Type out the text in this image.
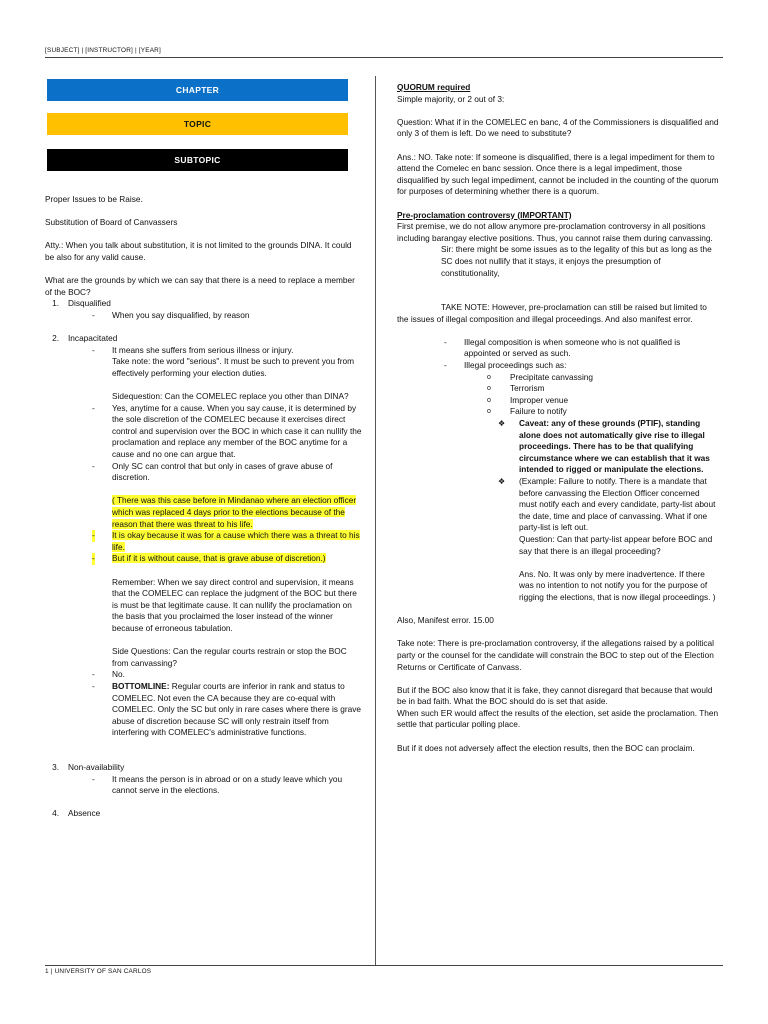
[SUBJECT] | [INSTRUCTOR] | [YEAR]
CHAPTER
TOPIC
SUBTOPIC

Proper Issues to be Raise.

Substitution of Board of Canvassers

Atty.: When you talk about substitution, it is not limited to the grounds DINA. It could be also for any valid cause.

What are the grounds by which we can say that there is a need to replace a member of the BOC?

1. Disqualified

- When you say disqualified, by reason

2. Incapacitated

- It means she suffers from serious illness or injury.

Take note: the word "serious". It must be such to prevent you from effectively performing your election duties.

Sidequestion: Can the COMELEC replace you other than DINA?

- Yes, anytime for a cause. When you say cause, it is determined by the sole discretion of the COMELEC because it exercises direct control and supervision over the BOC in which case it can nullify the proclamation and replace any member of the BOC anytime for a cause and no one can argue that.

- Only SC can control that but only in cases of grave abuse of discretion.

( There was this case before in Mindanao where an election officer which was replaced 4 days prior to the elections because of the reason that there was threat to his life.

- It is okay because it was for a cause which there was a threat to his life.

- But if it is without cause, that is grave abuse of discretion.)

Remember: When we say direct control and supervision, it means that the COMELEC can replace the judgment of the BOC but there is must be that legitimate cause. It can nullify the proclamation on the basis that you proclaimed the loser instead of the winner because of erroneous tabulation.

Side Questions: Can the regular courts restrain or stop the BOC from canvassing?

- No.

- BOTTOMLINE: Regular courts are inferior in rank and status to COMELEC. Not even the CA because they are co-equal with COMELEC. Only the SC but only in rare cases where there is grave abuse of discretion because SC will only restrain itself from interfering with COMELEC's administrative functions.

3. Non-availability

- It means the person is in abroad or on a study leave which you cannot serve in the elections.

4. Absence

QUORUM required

Simple majority, or 2 out of 3:

Question: What if in the COMELEC en banc, 4 of the Commissioners is disqualified and only 3 of them is left. Do we need to substitute?

Ans.: NO. Take note: If someone is disqualified, there is a legal impediment for them to attend the Comelec en banc session. Once there is a legal impediment, those disqualified by such legal impediment, cannot be included in the counting of the quorum for purposes of determining whether there is a quorum.

Pre-proclamation controversy (IMPORTANT)

First premise, we do not allow anymore pre-proclamation controversy in all positions including barangay elective positions. Thus, you cannot raise them during canvassing.

Sir: there might be some issues as to the legality of this but as long as the SC does not nullify that it stays, it enjoys the presumption of constitutionality,

TAKE NOTE: However, pre-proclamation can still be raised but limited to the issues of illegal composition and illegal proceedings. And also manifest error.

- Illegal composition is when someone who is not qualified is appointed or served as such.

- Illegal proceedings such as:

o Precipitate canvassing

o Terrorism

o Improper venue

o Failure to notify

❖ Caveat: any of these grounds (PTIF), standing alone does not automatically give rise to illegal proceedings. There has to be that qualifying circumstance where we can establish that it was intended to rigged or manipulate the elections.

❖ (Example: Failure to notify. There is a mandate that before canvassing the Election Officer concerned must notify each and every candidate, party-list about the date, time and place of canvassing. What if one party-list is left out.

Question: Can that party-list appear before BOC and say that there is an illegal proceeding?

Ans. No. It was only by mere inadvertence. If there was no intention to not notify you for the purpose of rigging the elections, that is now illegal proceedings. )

Also, Manifest error. 15.00

Take note: There is pre-proclamation controversy, if the allegations raised by a political party or the counsel for the candidate will constrain the BOC to step out of the Election Returns or Certificate of Canvass.

But if the BOC also know that it is fake, they cannot disregard that because that would be in bad faith. What the BOC should do is set that aside.

When such ER would affect the results of the election, set aside the proclamation. Then settle that particular polling place.

But if it does not adversely affect the election results, then the BOC can proclaim.

1 | UNIVERSITY OF SAN CARLOS
